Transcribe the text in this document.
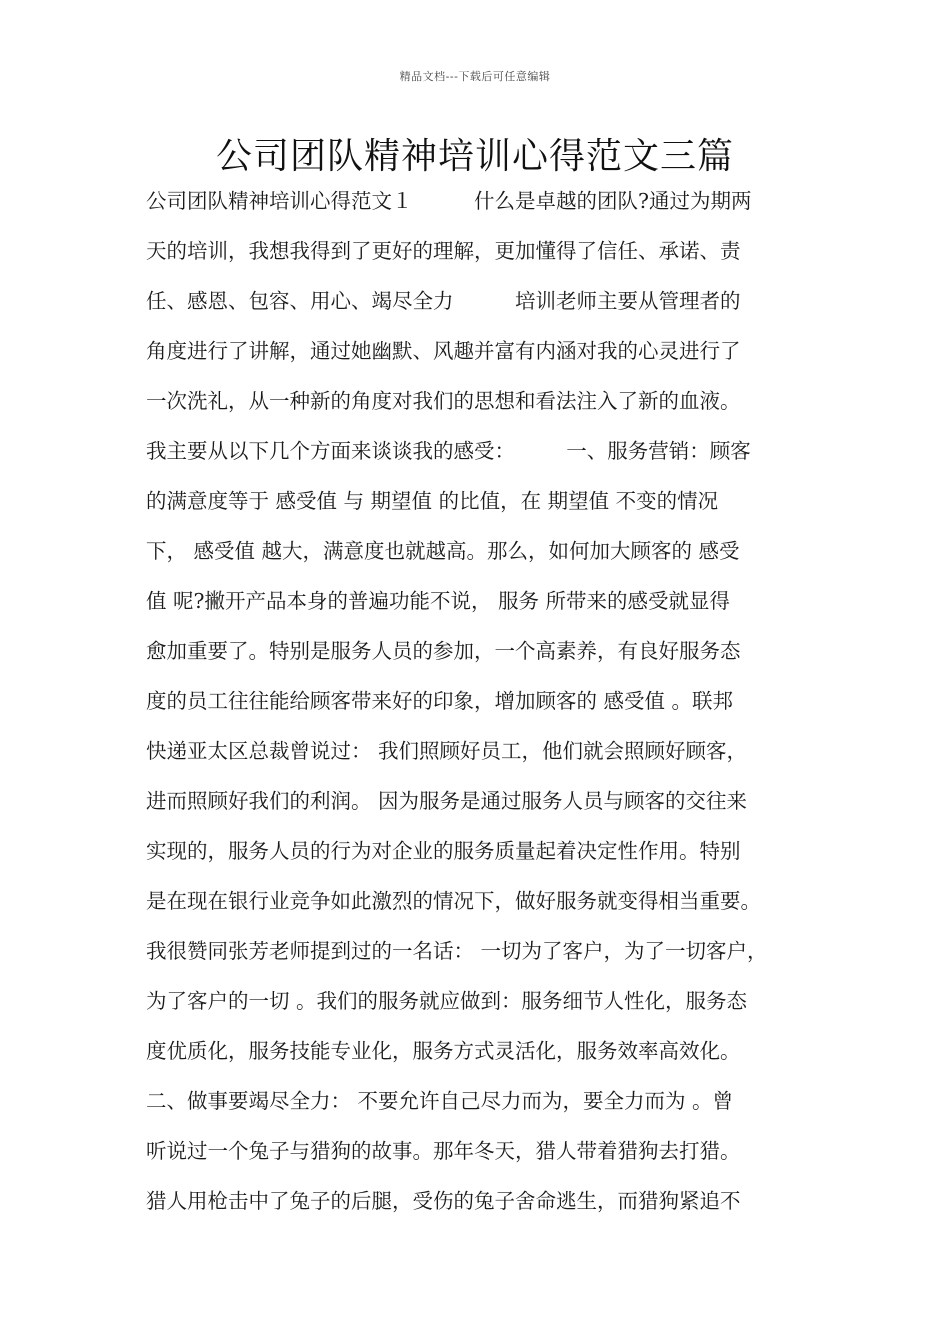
精品文档---下载后可任意编辑
公司团队精神培训心得范文三篇
公司团队精神培训心得范文１　　　什么是卓越的团队?通过为期两
天的培训，我想我得到了更好的理解，更加懂得了信任、承诺、责
任、感恩、包容、用心、竭尽全力　　　培训老师主要从管理者的
角度进行了讲解，通过她幽默、风趣并富有内涵对我的心灵进行了
一次洗礼，从一种新的角度对我们的思想和看法注入了新的血液。
我主要从以下几个方面来谈谈我的感受：　　　一、服务营销：顾客
的满意度等于 感受值 与 期望值 的比值，在 期望值 不变的情况
下， 感受值 越大，满意度也就越高。那么，如何加大顾客的 感受
值 呢?撇开产品本身的普遍功能不说， 服务 所带来的感受就显得
愈加重要了。特别是服务人员的参加，一个高素养，有良好服务态
度的员工往往能给顾客带来好的印象，增加顾客的 感受值 。联邦
快递亚太区总裁曾说过： 我们照顾好员工，他们就会照顾好顾客，
进而照顾好我们的利润。 因为服务是通过服务人员与顾客的交往来
实现的，服务人员的行为对企业的服务质量起着决定性作用。特别
是在现在银行业竞争如此激烈的情况下，做好服务就变得相当重要。
我很赞同张芳老师提到过的一名话： 一切为了客户，为了一切客户，
为了客户的一切 。我们的服务就应做到：服务细节人性化，服务态
度优质化，服务技能专业化，服务方式灵活化，服务效率高效化。
二、做事要竭尽全力： 不要允许自己尽力而为，要全力而为 。曾
听说过一个兔子与猎狗的故事。那年冬天，猎人带着猎狗去打猎。
猎人用枪击中了兔子的后腿，受伤的兔子舍命逃生，而猎狗紧追不
